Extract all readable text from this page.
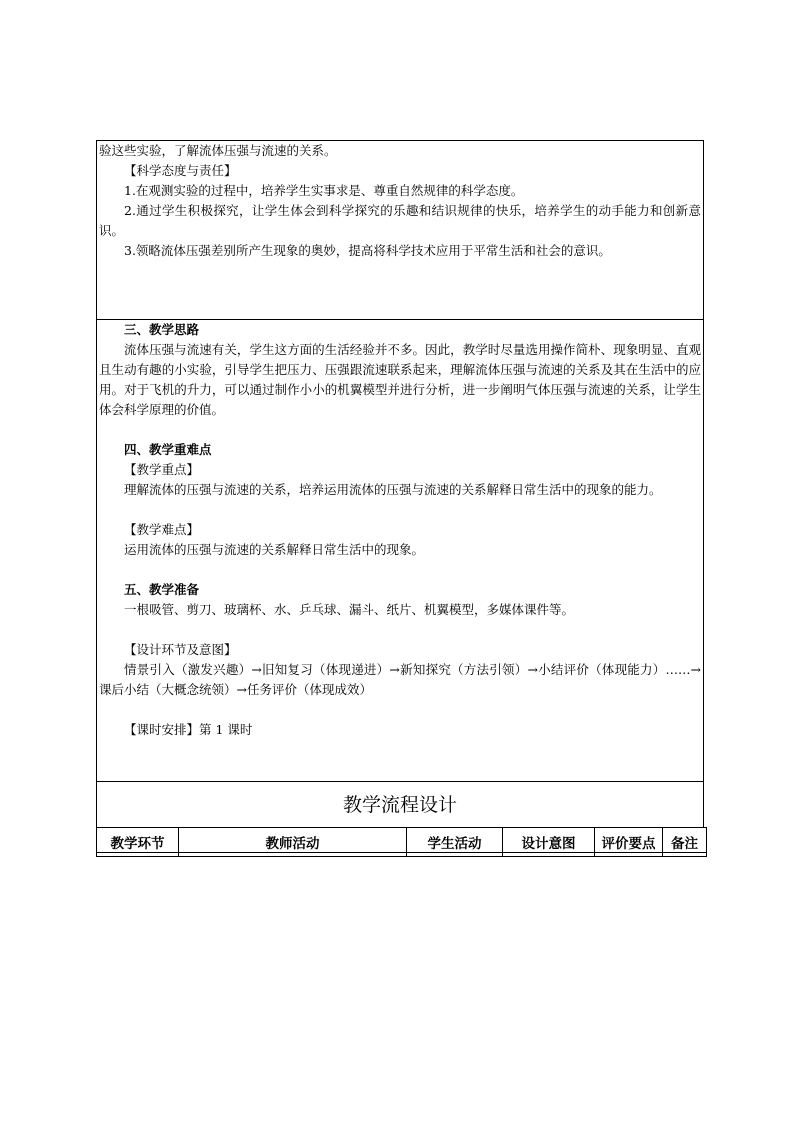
验这些实验，了解流体压强与流速的关系。

【科学态度与责任】

1.在观测实验的过程中，培养学生实事求是、尊重自然规律的科学态度。

2.通过学生积极探究，让学生体会到科学探究的乐趣和结识规律的快乐，培养学生的动手能力和创新意识。

3.领略流体压强差别所产生现象的奥妙，提高将科学技术应用于平常生活和社会的意识。

三、教学思路

流体压强与流速有关，学生这方面的生活经验并不多。因此，教学时尽量选用操作简朴、现象明显、直观且生动有趣的小实验，引导学生把压力、压强跟流速联系起来，理解流体压强与流速的关系及其在生活中的应用。对于飞机的升力，可以通过制作小小的机翼模型并进行分析，进一步阐明气体压强与流速的关系，让学生体会科学原理的价值。

四、教学重难点

【教学重点】

理解流体的压强与流速的关系，培养运用流体的压强与流速的关系解释日常生活中的现象的能力。

【教学难点】

运用流体的压强与流速的关系解释日常生活中的现象。

五、教学准备

一根吸管、剪刀、玻璃杯、水、乒乓球、漏斗、纸片、机翼模型，多媒体课件等。

【设计环节及意图】

情景引入（激发兴趣）→旧知复习（体现递进）→新知探究（方法引领）→小结评价（体现能力）……→课后小结（大概念统领）→任务评价（体现成效）

【课时安排】第 1 课时

教学流程设计
教学环节	教师活动	学生活动	设计意图	评价要点	备注
